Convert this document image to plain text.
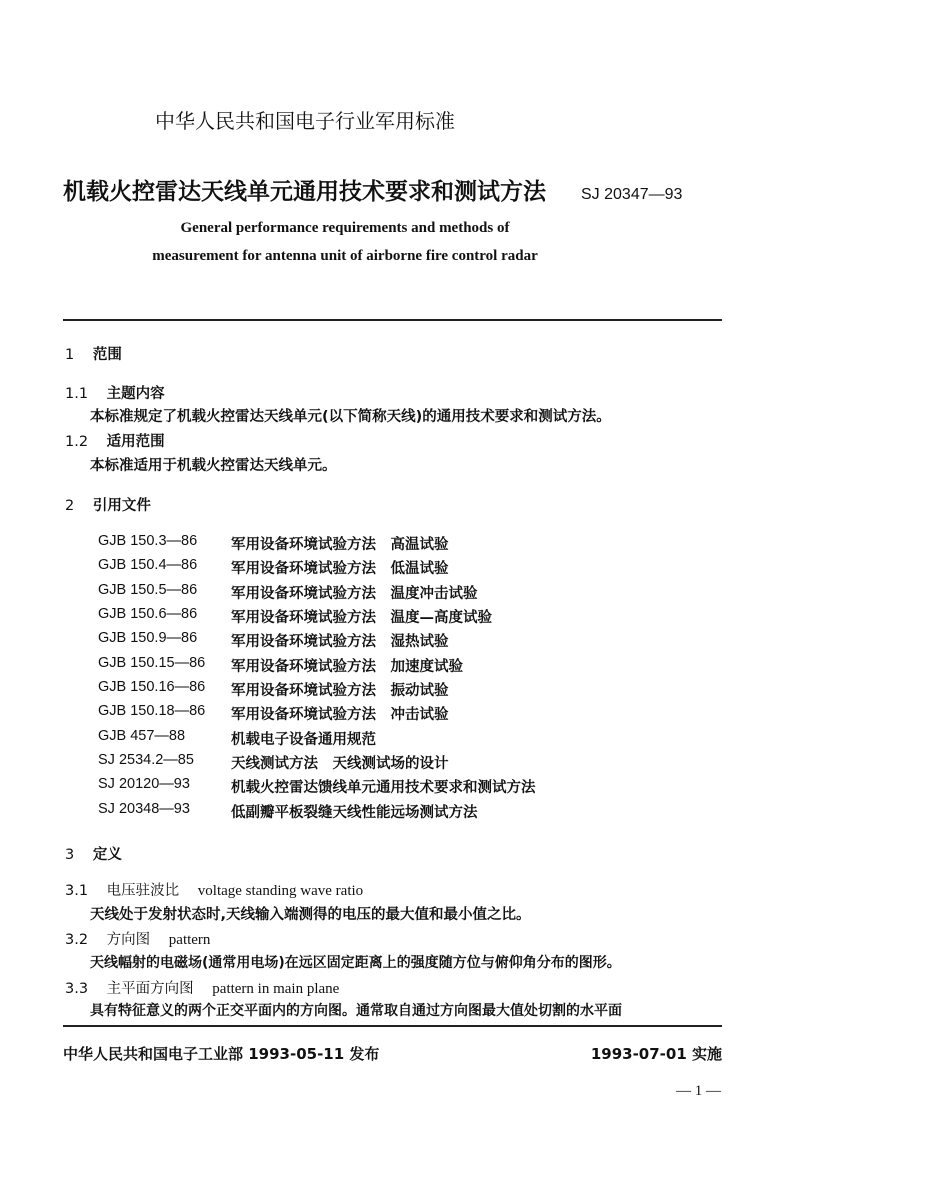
中华人民共和国电子行业军用标准
机载火控雷达天线单元通用技术要求和测试方法 SJ 20347—93
General performance requirements and methods of
measurement for antenna unit of airborne fire control radar
1 范围
1.1 主题内容
本标准规定了机载火控雷达天线单元(以下简称天线)的通用技术要求和测试方法。
1.2 适用范围
本标准适用于机载火控雷达天线单元。
2 引用文件
GJB 150.3—86 军用设备环境试验方法　高温试验
GJB 150.4—86 军用设备环境试验方法　低温试验
GJB 150.5—86 军用设备环境试验方法　温度冲击试验
GJB 150.6—86 军用设备环境试验方法　温度—高度试验
GJB 150.9—86 军用设备环境试验方法　湿热试验
GJB 150.15—86 军用设备环境试验方法　加速度试验
GJB 150.16—86 军用设备环境试验方法　振动试验
GJB 150.18—86 军用设备环境试验方法　冲击试验
GJB 457—88	机载电子设备通用规范
SJ 2534.2—85	天线测试方法　天线测试场的设计
SJ 20120—93	机载火控雷达馈线单元通用技术要求和测试方法
SJ 20348—93	低副瓣平板裂缝天线性能远场测试方法
3 定义
3.1 电压驻波比 voltage standing wave ratio
天线处于发射状态时,天线输入端测得的电压的最大值和最小值之比。
3.2 方向图 pattern
天线幅射的电磁场(通常用电场)在远区固定距离上的强度随方位与俯仰角分布的图形。
3.3 主平面方向图 pattern in main plane
具有特征意义的两个正交平面内的方向图。通常取自通过方向图最大值处切割的水平面
中华人民共和国电子工业部 1993-05-11 发布	1993-07-01 实施
— 1 —
